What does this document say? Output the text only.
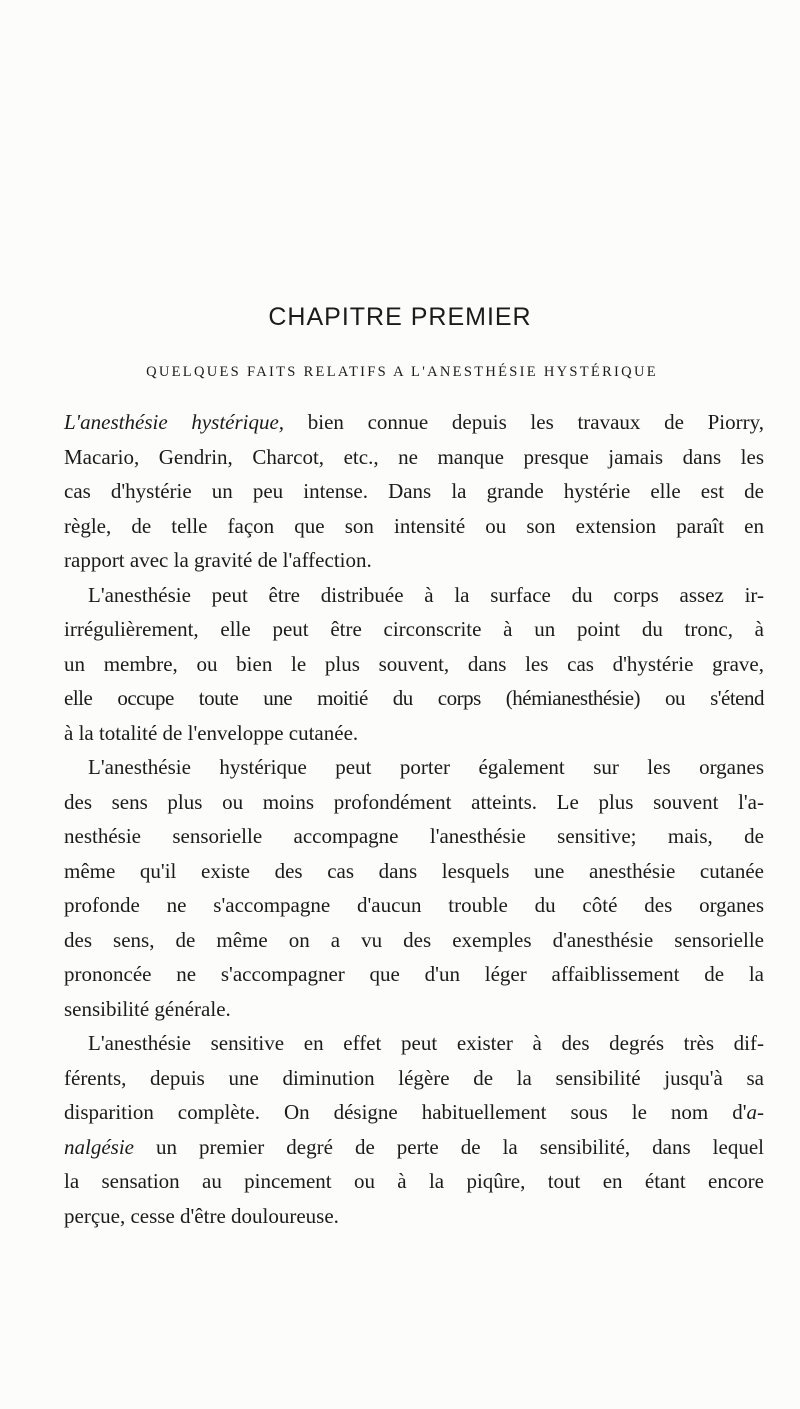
CHAPITRE PREMIER
QUELQUES FAITS RELATIFS A L'ANESTHÉSIE HYSTÉRIQUE
L'anesthésie hystérique, bien connue depuis les travaux de Piorry,
Macario, Gendrin, Charcot, etc., ne manque presque jamais dans les
cas d'hystérie un peu intense. Dans la grande hystérie elle est de
règle, de telle façon que son intensité ou son extension paraît en
rapport avec la gravité de l'affection.
L'anesthésie peut être distribuée à la surface du corps assez ir-
irrégulièrement, elle peut être circonscrite à un point du tronc, à
un membre, ou bien le plus souvent, dans les cas d'hystérie grave,
elle occupe toute une moitié du corps (hémianesthésie) ou s'étend
à la totalité de l'enveloppe cutanée.
L'anesthésie hystérique peut porter également sur les organes
des sens plus ou moins profondément atteints. Le plus souvent l'a-
nesthésie sensorielle accompagne l'anesthésie sensitive; mais, de
même qu'il existe des cas dans lesquels une anesthésie cutanée
profonde ne s'accompagne d'aucun trouble du côté des organes
des sens, de même on a vu des exemples d'anesthésie sensorielle
prononcée ne s'accompagner que d'un léger affaiblissement de la
sensibilité générale.
L'anesthésie sensitive en effet peut exister à des degrés très dif-
férents, depuis une diminution légère de la sensibilité jusqu'à sa
disparition complète. On désigne habituellement sous le nom d'a-
nalgésie un premier degré de perte de la sensibilité, dans lequel
la sensation au pincement ou à la piqûre, tout en étant encore
perçue, cesse d'être douloureuse.
